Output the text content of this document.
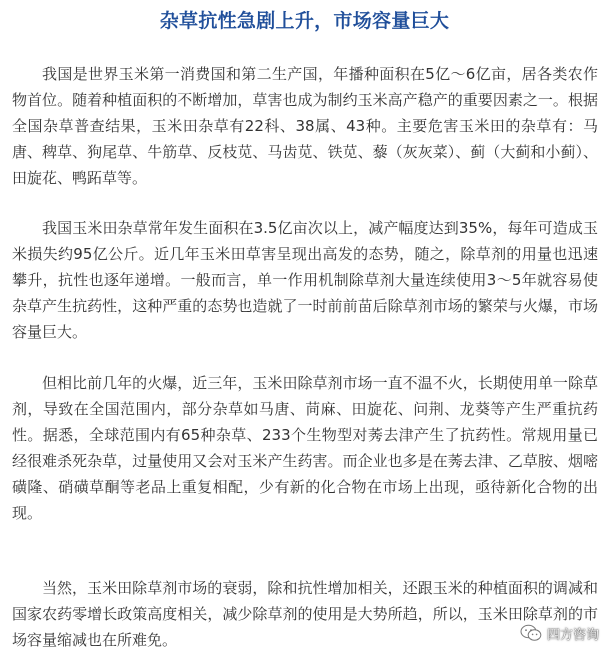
杂草抗性急剧上升，市场容量巨大

我国是世界玉米第一消费国和第二生产国，年播种面积在5亿～6亿亩，居各类农作物首位。随着种植面积的不断增加，草害也成为制约玉米高产稳产的重要因素之一。根据全国杂草普查结果，玉米田杂草有22科、38属、43种。主要危害玉米田的杂草有：马唐、稗草、狗尾草、牛筋草、反枝苋、马齿苋、铁苋、藜（灰灰菜）、蓟（大蓟和小蓟）、田旋花、鸭跖草等。

我国玉米田杂草常年发生面积在3.5亿亩次以上，减产幅度达到35%，每年可造成玉米损失约95亿公斤。近几年玉米田草害呈现出高发的态势，随之，除草剂的用量也迅速攀升，抗性也逐年递增。一般而言，单一作用机制除草剂大量连续使用3～5年就容易使杂草产生抗药性，这种严重的态势也造就了一时前前苗后除草剂市场的繁荣与火爆，市场容量巨大。

但相比前几年的火爆，近三年，玉米田除草剂市场一直不温不火，长期使用单一除草剂，导致在全国范围内，部分杂草如马唐、苘麻、田旋花、问荆、龙葵等产生严重抗药性。据悉，全球范围内有65种杂草、233个生物型对莠去津产生了抗药性。常规用量已经很难杀死杂草，过量使用又会对玉米产生药害。而企业也多是在莠去津、乙草胺、烟嘧磺隆、硝磺草酮等老品上重复相配，少有新的化合物在市场上出现，亟待新化合物的出现。

当然，玉米田除草剂市场的衰弱，除和抗性增加相关，还跟玉米的种植面积的调减和国家农药零增长政策高度相关，减少除草剂的使用是大势所趋，所以，玉米田除草剂的市场容量缩减也在所难免。	四方咨询
